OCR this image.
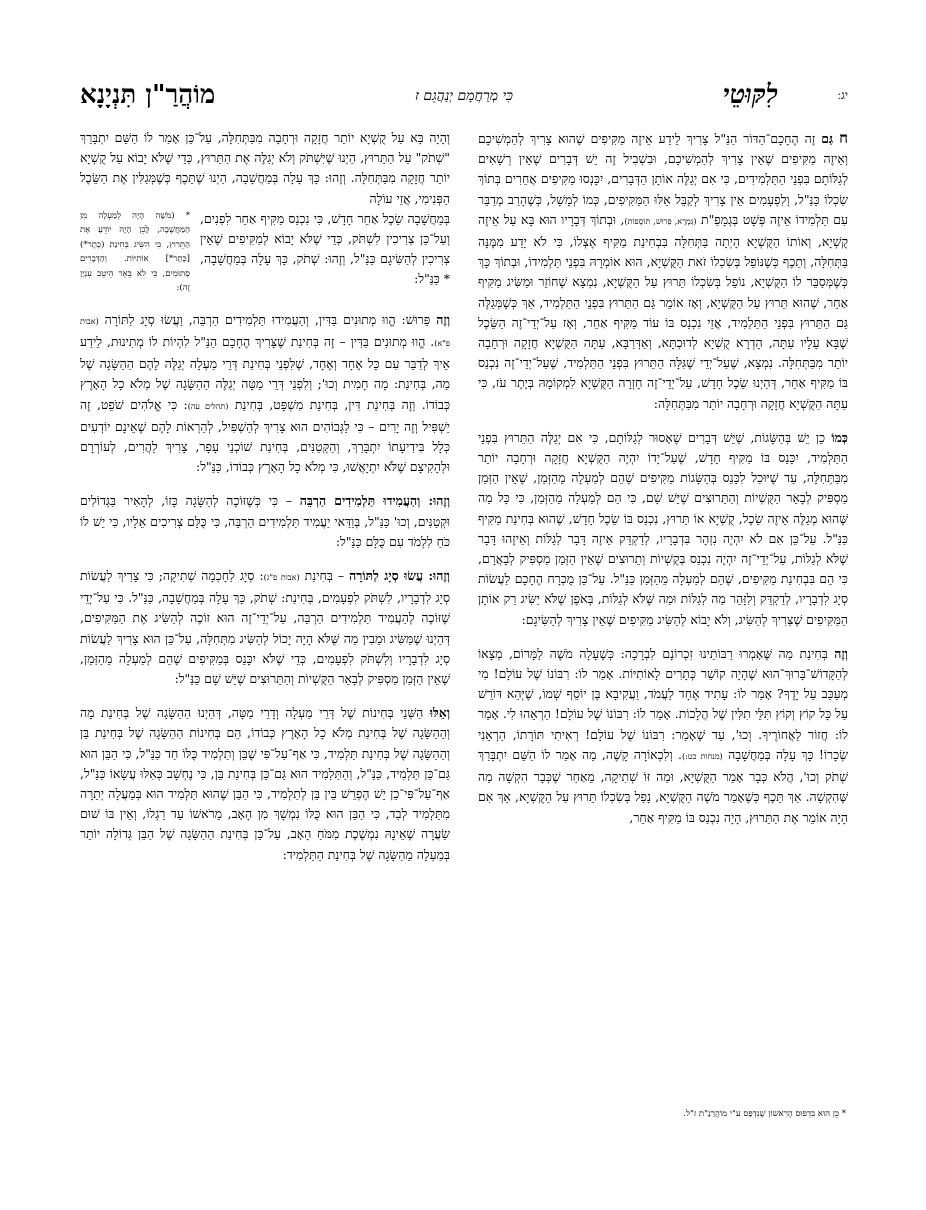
יג:
לִקּוּטֵי
כִּי מְרַחֲמָם יְנַהֲגֵם ז
מוֹהֲרַ"ן תִּנְיָנָא

ח גַּם זֶה הֶחָכָם־הַדּוֹר הַנַּ"ל צָרִיךְ לֵידַע אֵיזֶה מַקִּיפִים שֶׁהוּא צָרִיךְ לְהַמְשִׁיכָם וְאֵיזֶה מַקִּיפִים שֶׁאֵין צָרִיךְ לְהַמְשִׁיכָם, וּבִשְׁבִיל זֶה יֵשׁ דְּבָרִים שֶׁאֵין רְשָׁאִים לְגַלּוֹתָם בִּפְנֵי הַתַּלְמִידִים, כִּי אִם יְגַלֶּה אוֹתָן הַדְּבָרִים, יִכָּנְסוּ מַקִּיפִים אֲחֵרִים בְּתוֹךְ שִׂכְלוֹ כַּנַּ"ל, וְלִפְעָמִים אֵין צָרִיךְ לְקַבֵּל אֵלּוּ הַמַּקִּיפִים, כְּמוֹ לְמָשָׁל, כְּשֶׁהָרַב מְדַבֵּר עִם תַּלְמִידוֹ אֵיזֶה פְּשָׁט בְּגְמָפַ"ת (גְּמָרָא, פֵּרוּשׁ, תּוֹסָפוֹת), וּבְתוֹךְ דְּבָרָיו הוּא בָּא עַל אֵיזֶה קֻשְׁיָא, וְאוֹתוֹ הַקֻּשְׁיָא הָיְתָה בַּתְּחִלָּה בִּבְחִינַת מַקִּיף אֶצְלוֹ, כִּי לֹא יָדַע מִמֶּנָּה בַּתְּחִלָּה, וְתֵכֶף כְּשֶׁנּוֹפֵל בְּשִׂכְלוֹ זֹאת הַקֻּשְׁיָא, הוּא אוֹמְרָהּ בִּפְנֵי תַּלְמִידוֹ, וּבְתוֹךְ כָּךְ כְּשֶׁמְּסַבֵּר לוֹ הַקֻּשְׁיָא, נוֹפֵל בְּשִׂכְלוֹ תֵּרוּץ עַל הַקֻּשְׁיָא, נִמְצָא שֶׁחוֹזֵר וּמַשִּׂיג מַקִּיף אַחֵר, שֶׁהוּא תֵּרוּץ עַל הַקֻּשְׁיָא, וְאָז אוֹמֵר גַּם הַתֵּרוּץ בִּפְנֵי הַתַּלְמִיד, אַךְ כְּשֶׁמְּגַלֶּה גַּם הַתֵּרוּץ בִּפְנֵי הַתַּלְמִיד, אֲזַי נִכְנַס בּוֹ עוֹד מַקִּיף אַחֵר, וְאָז עַל־יְדֵי־זֶה הַשֵּׂכֶל שֶׁבָּא עָלָיו עַתָּה, הָדְרָא קֻשְׁיָא לְדוּכְתָּא, וְאַדְּרַבָּא, עַתָּה הַקֻּשְׁיָא חֲזָקָה וּרְחָבָה יוֹתֵר מִבַּתְּחִלָּה. נִמְצָא, שֶׁעַל־יְדֵי שֶׁגִּלָּה הַתֵּרוּץ בִּפְנֵי הַתַּלְמִיד, שֶׁעַל־יְדֵי־זֶה נִכְנַס בּוֹ מַקִּיף אַחֵר, דְּהַיְנוּ שֵׂכֶל חָדָשׁ, עַל־יְדֵי־זֶה חָזְרָה הַקֻּשְׁיָא לִמְקוֹמָהּ בְּיֶתֶר עֹז, כִּי עַתָּה הַקֻּשְׁיָא חֲזָקָה וּרְחָבָה יוֹתֵר מִבַּתְּחִלָּה:

כְּמוֹ כֵן יֵשׁ בְּהַשָּׂגוֹת, שֶׁיֵּשׁ דְּבָרִים שֶׁאָסוּר לְגַלּוֹתָם, כִּי אִם יְגַלֶּה הַתֵּרוּץ בִּפְנֵי הַתַּלְמִיד, יִכָּנֵס בּוֹ מַקִּיף חָדָשׁ, שֶׁעַל־יָדוֹ יִהְיֶה הַקֻּשְׁיָא חֲזָקָה וּרְחָבָה יוֹתֵר מִבַּתְּחִלָּה, עַד שֶׁיּוּכַל לִכָּנֵס בְּהַשָּׂגוֹת מַקִּיפִים שֶׁהֵם לְמַעְלָה מֵהַזְּמַן, שֶׁאֵין הַזְּמַן מַסְפִּיק לְבָאֵר הַקֻּשְׁיוֹת וְהַתֵּרוּצִים שֶׁיֵּשׁ שָׁם, כִּי הֵם לְמַעְלָה מֵהַזְּמַן, כִּי כָּל מַה שֶּׁהוּא מְגַלֶּה אֵיזֶה שֵׂכֶל, קֻשְׁיָא אוֹ תֵּרוּץ, נִכְנַס בּוֹ שֵׂכֶל חָדָשׁ, שֶׁהוּא בְּחִינַת מַקִּיף כַּנַּ"ל. עַל־כֵּן אִם לֹא יִהְיֶה נִזְהָר בִּדְבָרָיו, לְדַקְדֵּק אֵיזֶה דָּבָר לְגַלּוֹת וְאֵיזֶהוּ דָּבָר שֶׁלֹּא לְגַלּוֹת, עַל־יְדֵי־זֶה יִהְיֶה נִכְנַס בְּקֻשְׁיוֹת וְתֵרוּצִים שֶׁאֵין הַזְּמַן מַסְפִּיק לְבָאֲרָם, כִּי הֵם בִּבְחִינַת מַקִּיפִים, שֶׁהֵם לְמַעְלָה מֵהַזְּמַן כַּנַּ"ל. עַל־כֵּן מֻכְרָח הֶחָכָם לַעֲשׂוֹת סְיָג לִדְבָרָיו, לְדַקְדֵּק וְלִזָּהֵר מַה לְגַלּוֹת וּמַה שֶּׁלֹּא לְגַלּוֹת, בְּאֹפֶן שֶׁלֹּא יַשִּׂיג רַק אוֹתָן הַמַּקִּיפִים שֶׁצְּרִיךְ לְהַשִּׂיג, וְלֹא יָבוֹא לְהַשִּׂיג מַקִּיפִים שֶׁאֵין צָרִיךְ לְהַשִּׂיגָם:

וְזֶה בְּחִינַת מַה שֶּׁאָמְרוּ רַבּוֹתֵינוּ זִכְרוֹנָם לִבְרָכָה: כְּשֶׁעָלָה מֹשֶׁה לַמָּרוֹם, מְצָאוֹ לְהַקָּדוֹשׁ־בָּרוּךְ־הוּא שֶׁהָיָה קוֹשֵׁר כְּתָרִים לָאוֹתִיּוֹת. אָמַר לוֹ: רִבּוֹנוֹ שֶׁל עוֹלָם! מִי מְעַכֵּב עַל יָדֶךָ? אָמַר לוֹ: עָתִיד אֶחָד לַעֲמֹד, וַעֲקִיבָא בֶּן יוֹסֵף שְׁמוֹ, שֶׁיְּהֵא דּוֹרֵשׁ עַל כָּל קוֹץ וְקוֹץ תִּלֵּי תִלִּין שֶׁל הֲלָכוֹת. אָמַר לוֹ: רִבּוֹנוֹ שֶׁל עוֹלָם! הַרְאֵהוּ לִי. אָמַר לוֹ: חֲזוֹר לַאֲחוֹרֶיךָ. וְכוּ', עַד שֶׁאָמַר: רִבּוֹנוֹ שֶׁל עוֹלָם! רְאִיתִי תּוֹרָתוֹ, הַרְאֵנִי שְׂכָרוֹ! כָּךְ עָלָה בְּמַחֲשָׁבָה (מנחות כט:). וְלִכְאוֹרָה קָשֶׁה, מַה אָמַר לוֹ הַשֵּׁם יִתְבָּרַךְ שְׁתֹק וְכוּ', הֲלֹא כְּבָר אָמַר הַקֻּשְׁיָא, וּמַה זּוֹ שְׁתִיקָה, מֵאַחַר שֶׁכְּבָר הִקְשָׁה מַה שֶּׁהִקְשָׁה. אַךְ תֵּכֶף כְּשֶׁאָמַר מֹשֶׁה הַקֻּשְׁיָא, נָפַל בְּשִׂכְלוֹ תֵּרוּץ עַל הַקֻּשְׁיָא, אַךְ אִם הָיָה אוֹמֵר אֶת הַתֵּרוּץ, הָיָה נִכְנַס בּוֹ מַקִּיף אַחֵר,

וְהָיָה בָּא עַל קֻשְׁיָא יוֹתֵר חֲזָקָה וּרְחָבָה מִבַּתְּחִלָּה, עַל־כֵּן אָמַר לוֹ הַשֵּׁם יִתְבָּרַךְ "שְׁתֹק" עַל הַתֵּרוּץ, הַיְנוּ שֶׁיִּשְׁתֹּק וְלֹא יְגַלֶּה אֶת הַתֵּרוּץ, כְּדֵי שֶׁלֹּא יָבוֹא עַל קֻשְׁיָא יוֹתֵר חֲזָקָה מִבַּתְּחִלָּה. וְזֶהוּ: כָּךְ עָלָה בְּמַחֲשָׁבָה, הַיְנוּ שֶׁתֵּכֶף כְּשֶׁמְּגַלִּין אֶת הַשֵּׂכֶל הַפְּנִימִי, אֲזַי עוֹלָה

בְּמַחֲשָׁבָה שֵׂכֶל אַחֵר חָדָשׁ, כִּי נִכְנַס מַקִּיף אַחֵר לִפְנִים, וְעַל־כֵּן צְרִיכִין לִשְׁתֹּק, כְּדֵי שֶׁלֹּא יָבוֹא לְמַקִּיפִים שֶׁאֵין צְרִיכִין לְהַשִּׂיגָם כַּנַּ"ל, וְזֶהוּ: שְׁתֹק, כָּךְ עָלָה בְּמַחֲשָׁבָה, * כַּנַּ"ל:

* (מֹשֶׁה הָיָה לְמַעְלָה מִן הַמַּחֲשָׁבָה, לָכֵן הָיָה יוֹדֵעַ אֶת הַתֵּרוּץ, כִּי הִשִּׂיג בְּחִינַת (כֶּתֶר*) [כֶּתֶר*] אוֹתִיּוֹת. וְהַדְּבָרִים סְתוּמִים, כִּי לֹא בֵּאֵר הֵיטֵב עִנְיָן זֶה):

וְזֶה פֵּרוּשׁ: הֱווּ מְתוּנִים בַּדִּין, וְהַעֲמִידוּ תַּלְמִידִים הַרְבֵּה, וַעֲשׂוּ סְיָג לַתּוֹרָה (אבות פ"א). הֱווּ מְתוּנִים בַּדִּין – זֶה בְּחִינַת שֶׁצָּרִיךְ הֶחָכָם הַנַּ"ל לִהְיוֹת לוֹ מְתִינוּת, לֵידַע אֵיךְ לְדַבֵּר עִם כָּל אֶחָד וְאֶחָד, שֶׁלִּפְנֵי בְּחִינַת דְּרֵי מַעְלָה יְגַלֶּה לָהֶם הַהַשָּׂגָה שֶׁל מַה, בְּחִינַת: מָה חָמִית וְכוּ'; וְלִפְנֵי דְּרֵי מַטָּה יְגַלֶּה הַהַשָּׂגָה שֶׁל מְלֹא כָל הָאָרֶץ כְּבוֹדוֹ. וְזֶה בְּחִינַת דִּין, בְּחִינַת מִשְׁפָּט, בְּחִינַת (תהלים עה): כִּי אֱלֹהִים שֹׁפֵט, זֶה יַשְׁפִּיל וְזֶה יָרִים – כִּי לַגְּבוֹהִים הוּא צָרִיךְ לְהַשְׁפִּיל, לְהַרְאוֹת לָהֶם שֶׁאֵינָם יוֹדְעִים כְּלָל בִּידִיעָתוֹ יִתְבָּרַךְ, וְהַקְּטַנִּים, בְּחִינַת שׁוֹכְנֵי עָפָר, צָרִיךְ לַהֲרִים, לְעוֹרְרָם וּלְהָקִיצָם שֶׁלֹּא יִתְיָאֲשׁוּ, כִּי מְלֹא כָל הָאָרֶץ כְּבוֹדוֹ, כַּנַּ"ל:

וְזֶהוּ: וְהַעֲמִידוּ תַּלְמִידִים הַרְבֵּה – כִּי כְּשֶׁזּוֹכֶה לְהַשָּׂגָה כָּזוֹ, לְהָאִיר בַּגְּדוֹלִים וּקְטַנִּים, וְכוּ' כַּנַּ"ל, בְּוַדַּאי יַעֲמִיד תַּלְמִידִים הַרְבֵּה, כִּי כֻּלָּם צְרִיכִים אֵלָיו, כִּי יֵשׁ לוֹ כֹּחַ לִלְמֹד עִם כֻּלָּם כַּנַּ"ל:

וְזֶהוּ: עֲשׂוּ סְיָג לַתּוֹרָה – בְּחִינַת (אבות פ"ג): סְיָג לַחָכְמָה שְׁתִיקָה; כִּי צָרִיךְ לַעֲשׂוֹת סְיָג לִדְבָרָיו, לִשְׁתֹּק לִפְעָמִים, בְּחִינַת: שְׁתֹק, כָּךְ עָלָה בְּמַחֲשָׁבָה, כַּנַּ"ל. כִּי עַל־יְדֵי שֶׁזּוֹכֶה לְהַעֲמִיד תַּלְמִידִים הַרְבֵּה, עַל־יְדֵי־זֶה הוּא זוֹכֶה לְהַשִּׂיג אֶת הַמַּקִּיפִים, דְּהַיְנוּ שֶׁמַּשִּׂיג וּמֵבִין מַה שֶּׁלֹּא הָיָה יָכוֹל לְהַשִּׂיג מִתְּחִלָּה, עַל־כֵּן הוּא צָרִיךְ לַעֲשׂוֹת סְיָג לִדְבָרָיו וְלִשְׁתֹּק לִפְעָמִים, כְּדֵי שֶׁלֹּא יִכָּנֵס בְּמַקִּיפִים שֶׁהֵם לְמַעְלָה מֵהַזְּמַן, שֶׁאֵין הַזְּמַן מַסְפִּיק לְבָאֵר הַקֻּשְׁיוֹת וְהַתֵּרוּצִים שֶׁיֵּשׁ שָׁם כַּנַּ"ל:

וְאֵלּוּ הַשְּׁנֵי בְּחִינוֹת שֶׁל דְּרֵי מַעְלָה וְדָרֵי מַטָּה, דְּהַיְנוּ הַהַשָּׂגָה שֶׁל בְּחִינַת מָה וְהַהַשָּׂגָה שֶׁל בְּחִינַת מְלֹא כָל הָאָרֶץ כְּבוֹדוֹ, הֵם בְּחִינוֹת הַהַשָּׂגָה שֶׁל בְּחִינַת בֵּן וְהַהַשָּׂגָה שֶׁל בְּחִינַת תַּלְמִיד, כִּי אַף־עַל־פִּי שֶׁבֵּן וְתַלְמִיד כֻּלּוֹ חַד כַּנַּ"ל, כִּי הַבֵּן הוּא גַּם־כֵּן תַּלְמִיד, כַּנַּ"ל, וְהַתַּלְמִיד הוּא גַּם־כֵּן בְּחִינַת בֵּן, כִּי נֶחְשָׁב כְּאִלּוּ עֲשָׂאוֹ כַּנַּ"ל, אַף־עַל־פִּי־כֵן יֵשׁ הֶפְרֵשׁ בֵּין בֵּן לְתַלְמִיד, כִּי הַבֵּן שֶׁהוּא תַּלְמִיד הוּא בְּמַעֲלָה יְתֵרָה מִתַּלְמִיד לְבַד, כִּי הַבֵּן הוּא כֻּלּוֹ נִמְשָׁךְ מִן הָאָב, מֵרֹאשׁוֹ עַד רַגְלוֹ, וְאֵין בּוֹ שׁוּם שַׂעֲרָה שֶׁאֵינָהּ נִמְשֶׁכֶת מִמֹּחַ הָאָב, עַל־כֵּן בְּחִינַת הַהַשָּׂגָה שֶׁל הַבֵּן גְּדוֹלָה יוֹתֵר בְּמַעְלָה מֵהַשָּׂגָה שֶׁל בְּחִינַת הַתַּלְמִיד:

* כֵּן הוּא בִּדְפוּס הָרִאשׁוֹן שֶׁנִּדְפַּס ע"י מוֹהֲרַנַ"ת ז"ל.
